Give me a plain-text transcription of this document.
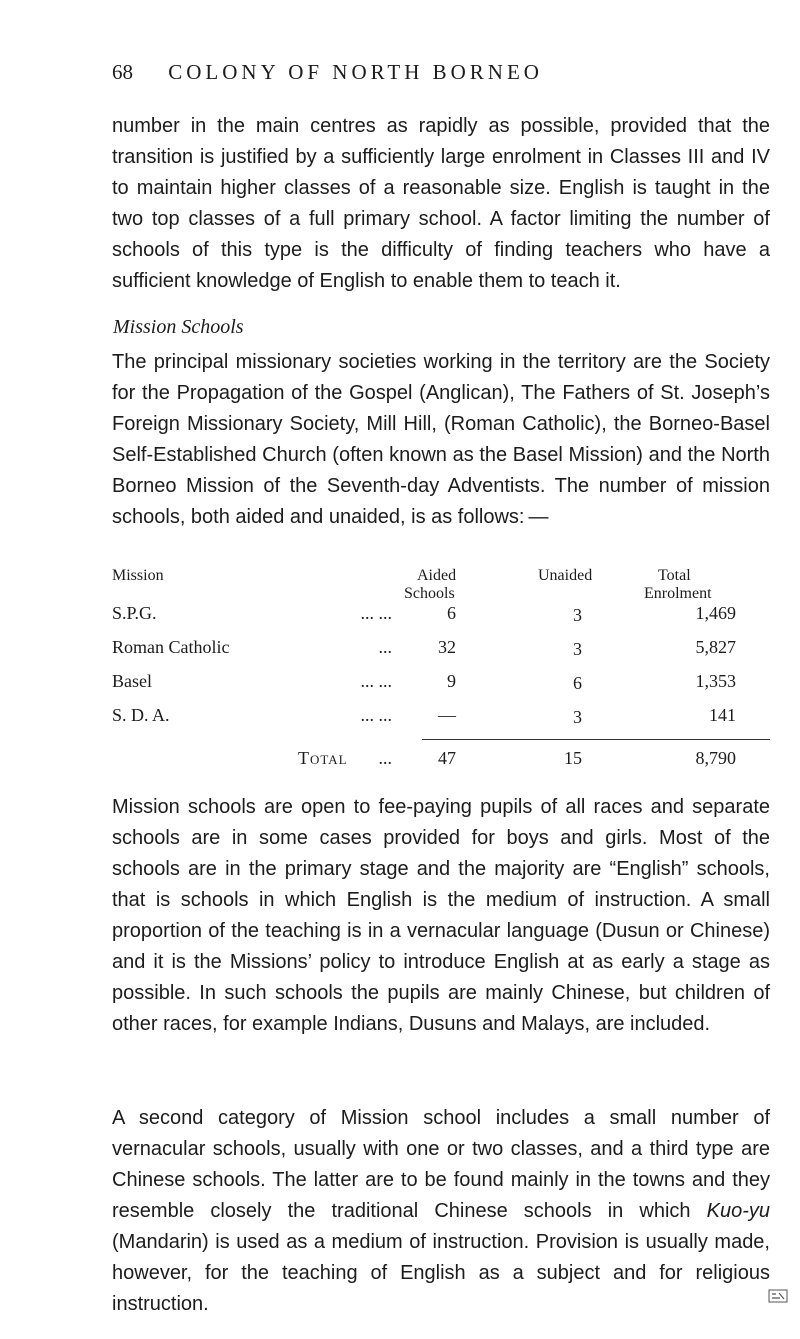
68 COLONY OF NORTH BORNEO

number in the main centres as rapidly as possible, provided that the transition is justified by a sufficiently large enrolment in Classes III and IV to maintain higher classes of a reasonable size. English is taught in the two top classes of a full primary school. A factor limiting the number of schools of this type is the difficulty of finding teachers who have a sufficient knowledge of English to enable them to teach it.

Mission Schools

The principal missionary societies working in the territory are the Society for the Propagation of the Gospel (Anglican), The Fathers of St. Joseph’s Foreign Missionary Society, Mill Hill, (Roman Catholic), the Borneo-Basel Self-Established Church (often known as the Basel Mission) and the North Borneo Mission of the Seventh-day Adventists. The number of mission schools, both aided and unaided, is as follows: —

Mission	Aided
Schools
Unaided	Total
Enrolment
S.P.G.	... ...	6	3	1,469
Roman Catholic	...	32	3	5,827
Basel	... ...	9	6	1,353
S. D. A.	... ...	—	3	141
Total	...	47	15	8,790

Mission schools are open to fee-paying pupils of all races and separate schools are in some cases provided for boys and girls. Most of the schools are in the primary stage and the majority are “English” schools, that is schools in which English is the medium of instruction. A small proportion of the teaching is in a vernacular language (Dusun or Chinese) and it is the Missions’ policy to introduce English at as early a stage as possible. In such schools the pupils are mainly Chinese, but children of other races, for example Indians, Dusuns and Malays, are included.

A second category of Mission school includes a small number of vernacular schools, usually with one or two classes, and a third type are Chinese schools. The latter are to be found mainly in the towns and they resemble closely the traditional Chinese schools in which Kuo-yu (Mandarin) is used as a medium of instruction. Provision is usually made, however, for the teaching of English as a subject and for religious instruction.
